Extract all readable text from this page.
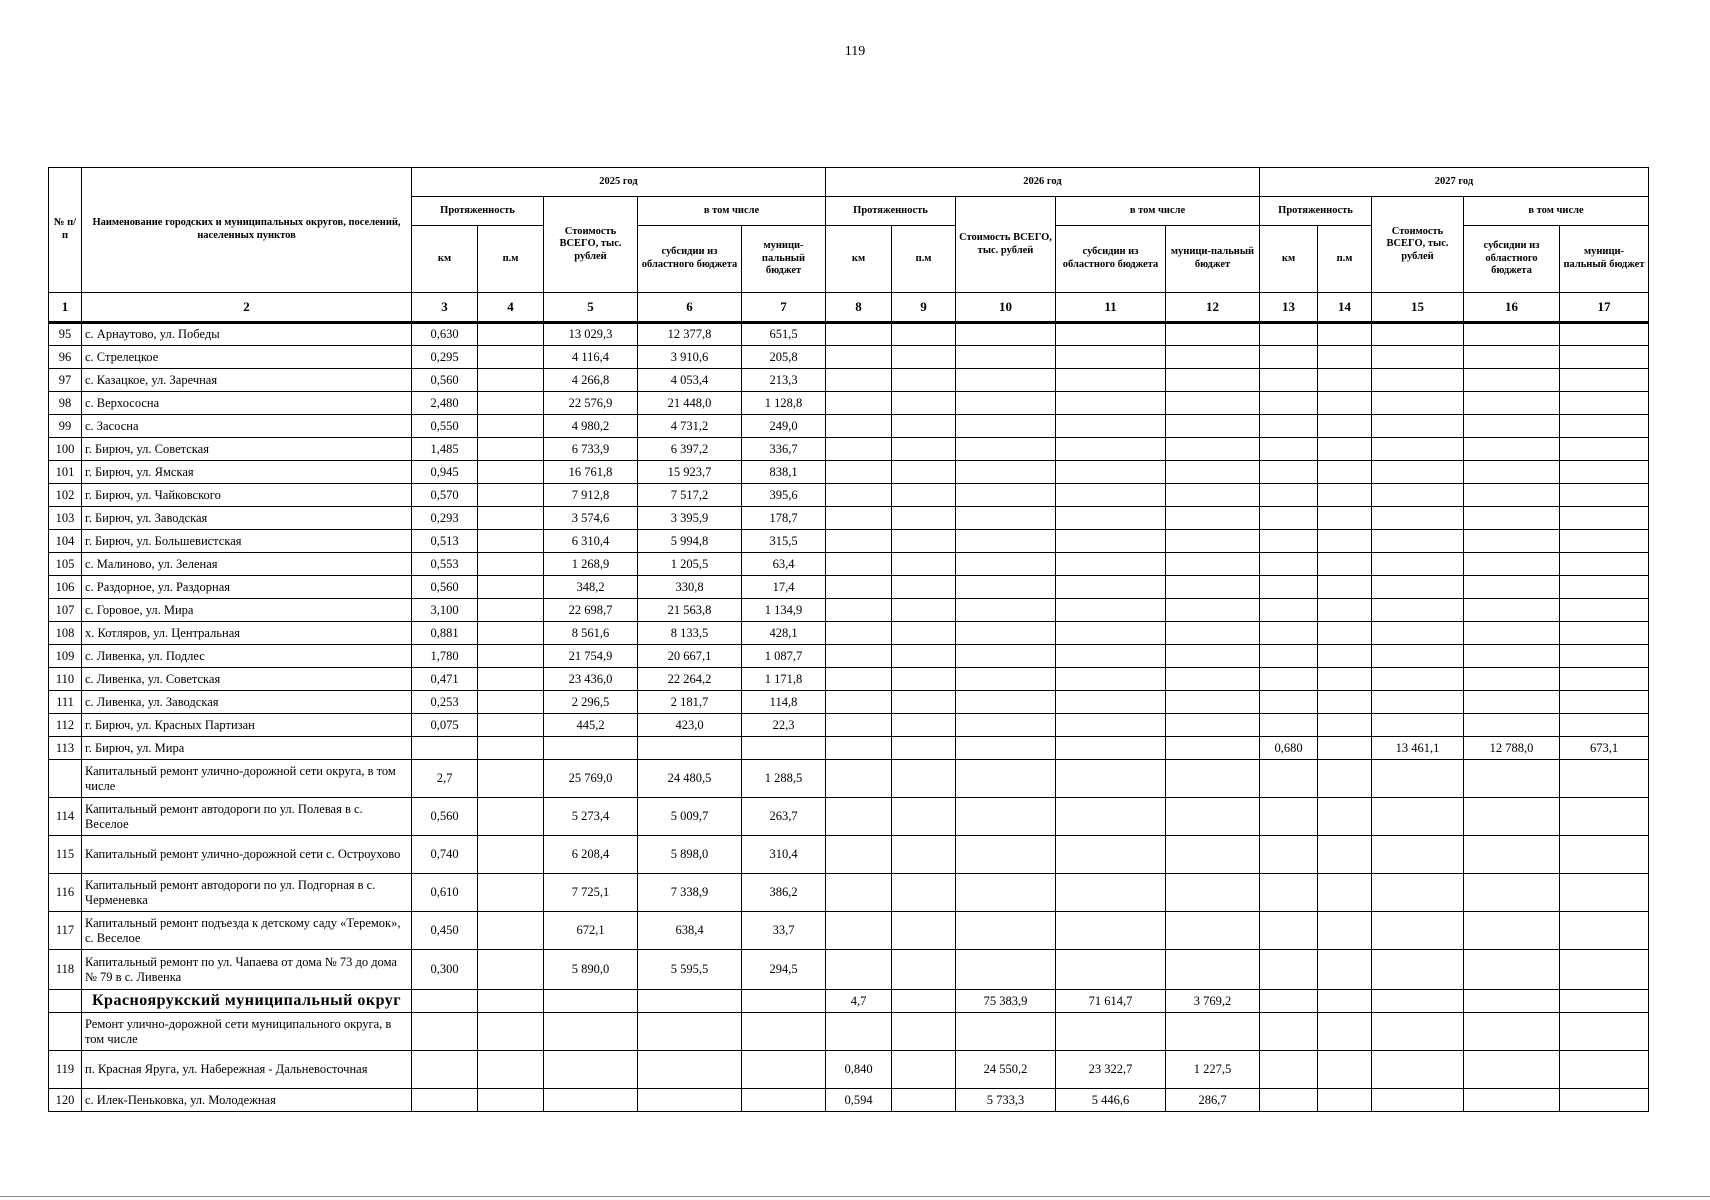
119
№ п/п	Наименование городских и муниципальных округов, поселений, населенных пунктов	2025 год					2026 год					2027 год				
		Протяженность		Стоимость ВСЕГО, тыс. рублей	в том числе		Протяженность		Стоимость ВСЕГО, тыс. рублей	в том числе		Протяженность		Стоимость ВСЕГО, тыс. рублей	в том числе	
		км	п.м		субсидии из областного бюджета	муници-пальный бюджет	км	п.м		субсидии из областного бюджета	муници-пальный бюджет	км	п.м		субсидии из областного бюджета	муници-пальный бюджет
1	2	3	4	5	6	7	8	9	10	11	12	13	14	15	16	17
95	с. Арнаутово, ул. Победы	0,630		13 029,3	12 377,8	651,5										
96	с. Стрелецкое	0,295		4 116,4	3 910,6	205,8										
97	с. Казацкое, ул. Заречная	0,560		4 266,8	4 053,4	213,3										
98	с. Верхососна	2,480		22 576,9	21 448,0	1 128,8										
99	с. Засосна	0,550		4 980,2	4 731,2	249,0										
100	г. Бирюч, ул. Советская	1,485		6 733,9	6 397,2	336,7										
101	г. Бирюч, ул. Ямская	0,945		16 761,8	15 923,7	838,1										
102	г. Бирюч, ул. Чайковского	0,570		7 912,8	7 517,2	395,6										
103	г. Бирюч, ул. Заводская	0,293		3 574,6	3 395,9	178,7										
104	г. Бирюч, ул. Большевистская	0,513		6 310,4	5 994,8	315,5										
105	с. Малиново, ул. Зеленая	0,553		1 268,9	1 205,5	63,4										
106	с. Раздорное, ул. Раздорная	0,560		348,2	330,8	17,4										
107	с. Горовое, ул. Мира	3,100		22 698,7	21 563,8	1 134,9										
108	х. Котляров, ул. Центральная	0,881		8 561,6	8 133,5	428,1										
109	с. Ливенка, ул. Подлес	1,780		21 754,9	20 667,1	1 087,7										
110	с. Ливенка, ул. Советская	0,471		23 436,0	22 264,2	1 171,8										
111	с. Ливенка, ул. Заводская	0,253		2 296,5	2 181,7	114,8										
112	г. Бирюч, ул. Красных Партизан	0,075		445,2	423,0	22,3										
113	г. Бирюч, ул. Мира											0,680		13 461,1	12 788,0	673,1
	Капитальный ремонт улично-дорожной сети округа, в том числе	2,7		25 769,0	24 480,5	1 288,5										
114	Капитальный ремонт автодороги по ул. Полевая в с. Веселое	0,560		5 273,4	5 009,7	263,7										
115	Капитальный ремонт улично-дорожной сети с. Остроухово	0,740		6 208,4	5 898,0	310,4										
116	Капитальный ремонт автодороги по ул. Подгорная в с. Черменевка	0,610		7 725,1	7 338,9	386,2										
117	Капитальный ремонт подъезда к детскому саду «Теремок», с. Веселое	0,450		672,1	638,4	33,7										
118	Капитальный ремонт по ул. Чапаева от дома № 73 до дома № 79 в с. Ливенка	0,300		5 890,0	5 595,5	294,5										
	Красноярукский муниципальный округ						4,7		75 383,9	71 614,7	3 769,2					
	Ремонт улично-дорожной сети муниципального округа, в том числе															
119	п. Красная Яруга, ул. Набережная - Дальневосточная						0,840		24 550,2	23 322,7	1 227,5					
120	с. Илек-Пеньковка, ул. Молодежная						0,594		5 733,3	5 446,6	286,7					
